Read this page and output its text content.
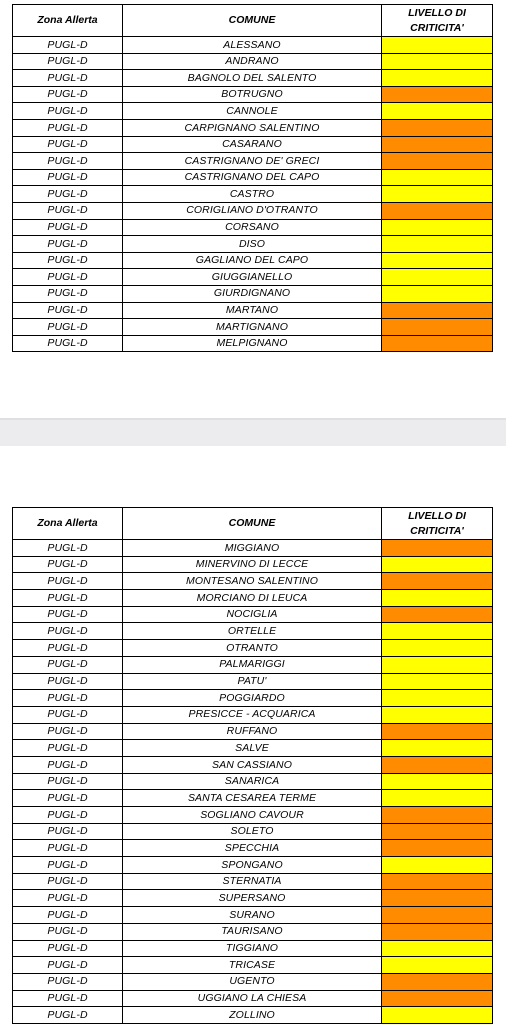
Zona Allerta	COMUNE	LIVELLO DI CRITICITA'
PUGL-D	ALESSANO	
PUGL-D	ANDRANO	
PUGL-D	BAGNOLO DEL SALENTO	
PUGL-D	BOTRUGNO	
PUGL-D	CANNOLE	
PUGL-D	CARPIGNANO SALENTINO	
PUGL-D	CASARANO	
PUGL-D	CASTRIGNANO DE' GRECI	
PUGL-D	CASTRIGNANO DEL CAPO	
PUGL-D	CASTRO	
PUGL-D	CORIGLIANO D'OTRANTO	
PUGL-D	CORSANO	
PUGL-D	DISO	
PUGL-D	GAGLIANO DEL CAPO	
PUGL-D	GIUGGIANELLO	
PUGL-D	GIURDIGNANO	
PUGL-D	MARTANO	
PUGL-D	MARTIGNANO	
PUGL-D	MELPIGNANO	
Zona Allerta	COMUNE	LIVELLO DI CRITICITA'
PUGL-D	MIGGIANO	
PUGL-D	MINERVINO DI LECCE	
PUGL-D	MONTESANO SALENTINO	
PUGL-D	MORCIANO DI LEUCA	
PUGL-D	NOCIGLIA	
PUGL-D	ORTELLE	
PUGL-D	OTRANTO	
PUGL-D	PALMARIGGI	
PUGL-D	PATU'	
PUGL-D	POGGIARDO	
PUGL-D	PRESICCE - ACQUARICA	
PUGL-D	RUFFANO	
PUGL-D	SALVE	
PUGL-D	SAN CASSIANO	
PUGL-D	SANARICA	
PUGL-D	SANTA CESAREA TERME	
PUGL-D	SOGLIANO CAVOUR	
PUGL-D	SOLETO	
PUGL-D	SPECCHIA	
PUGL-D	SPONGANO	
PUGL-D	STERNATIA	
PUGL-D	SUPERSANO	
PUGL-D	SURANO	
PUGL-D	TAURISANO	
PUGL-D	TIGGIANO	
PUGL-D	TRICASE	
PUGL-D	UGENTO	
PUGL-D	UGGIANO LA CHIESA	
PUGL-D	ZOLLINO	
